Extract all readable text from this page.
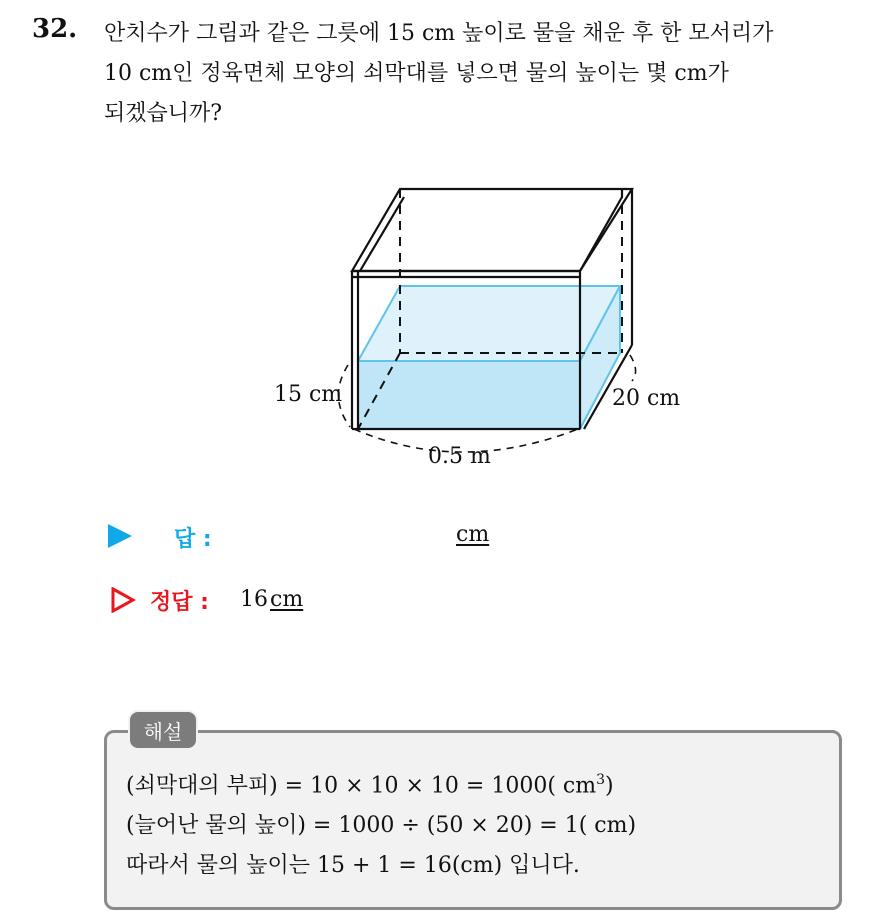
32. 안치수가 그림과 같은 그릇에 15 cm 높이로 물을 채운 후 한 모서리가
10 cm인 정육면체 모양의 쇠막대를 넣으면 물의 높이는 몇 cm가
되겠습니까?
15 cm	20 cm
0.5 m
답 :	cm
정답 : 16cm
해설
(쇠막대의 부피) = 10 × 10 × 10 = 1000( $cm^3$)
(늘어난 물의 높이) = 1000 ÷ (50 × 20) = 1( cm)
따라서 물의 높이는 15 + 1 = 16(cm) 입니다.
